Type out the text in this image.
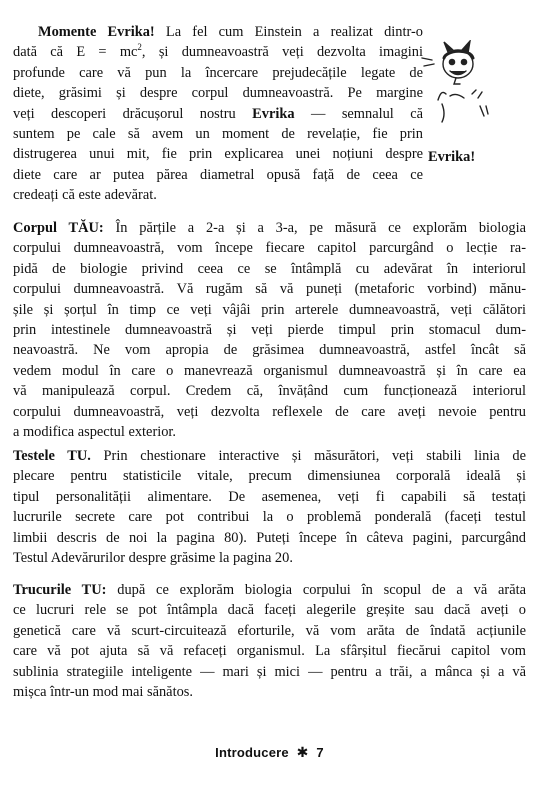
Momente Evrika! La fel cum Einstein a realizat dintr-o
dată că $E = mc^2$, și dumneavoastră veți dezvolta imagini
profunde care vă pun la încercare prejudecățile legate de
diete, grăsimi și despre corpul dumneavoastră. Pe margine
veți descoperi drăcușorul nostru Evrika — semnalul că
suntem pe cale să avem un moment de revelație, fie prin
distrugerea unui mit, fie prin explicarea unei noțiuni despre
diete care ar putea părea diametral opusă față de ceea ce
credeați că este adevărat.
Evrika!
Corpul TĂU: În părțile a 2-a și a 3-a, pe măsură ce explorăm biologia
corpului dumneavoastră, vom începe fiecare capitol parcurgând o lecție ra-
pidă de biologie privind ceea ce se întâmplă cu adevărat în interiorul
corpului dumneavoastră. Vă rugăm să vă puneți (metaforic vorbind) mănu-
șile și șorțul în timp ce veți vâjâi prin arterele dumneavoastră, veți călători
prin intestinele dumneavoastră și veți pierde timpul prin stomacul dum-
neavoastră. Ne vom apropia de grăsimea dumneavoastră, astfel încât să
vedem modul în care o manevrează organismul dumneavoastră și în care ea
vă manipulează corpul. Credem că, învățând cum funcționează interiorul
corpului dumneavoastră, veți dezvolta reflexele de care aveți nevoie pentru
a modifica aspectul exterior.
Testele TU. Prin chestionare interactive și măsurători, veți stabili linia de
plecare pentru statisticile vitale, precum dimensiunea corporală ideală și
tipul personalității alimentare. De asemenea, veți fi capabili să testați
lucrurile secrete care pot contribui la o problemă ponderală (faceți testul
limbii descris de noi la pagina 80). Puteți începe în câteva pagini, parcurgând
Testul Adevărurilor despre grăsime la pagina 20.
Trucurile TU: după ce explorăm biologia corpului în scopul de a vă arăta
ce lucruri rele se pot întâmpla dacă faceți alegerile greșite sau dacă aveți o
genetică care vă scurt-circuitează eforturile, vă vom arăta de îndată acțiunile
care vă pot ajuta să vă refaceți organismul. La sfârșitul fiecărui capitol vom
sublinia strategiile inteligente — mari și mici — pentru a trăi, a mânca și a vă
mișca într-un mod mai sănătos.
Introducere ✱ 7
